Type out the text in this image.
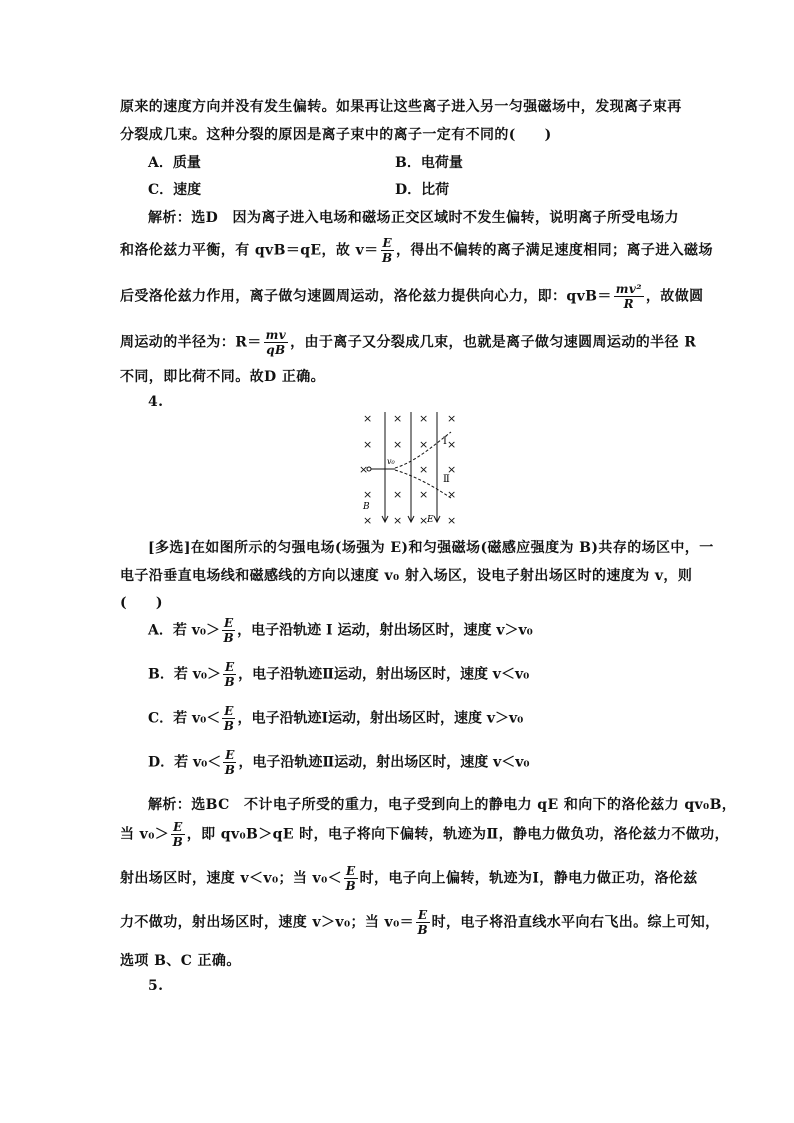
原来的速度方向并没有发生偏转。如果再让这些离子进入另一匀强磁场中，发现离子束再
分裂成几束。这种分裂的原因是离子束中的离子一定有不同的(　　)
A．质量	B．电荷量
C．速度	D．比荷
解析：选D　因为离子进入电场和磁场正交区域时不发生偏转，说明离子所受电场力
和洛伦兹力平衡，有 qvB＝qE，故 $v= \frac{E}{B}$ ，得出不偏转的离子满足速度相同；离子进入磁场
后受洛伦兹力作用，离子做匀速圆周运动，洛伦兹力提供向心力，即：$qvB= \frac{\text{mv²}}{R}$ ，故做圆
周运动的半径为：$R= \frac{mv}{qB}$ ，由于离子又分裂成几束，也就是离子做匀速圆周运动的半径 R
不同，即比荷不同。故D 正确。
4.
× × × ×
× × × ×
×	× ×
× × × ×
× × × ×
Ⅰ
Ⅱ
B
E
v₀
[多选]在如图所示的匀强电场(场强为 E)和匀强磁场(磁感应强度为 B)共存的场区中，一
电子沿垂直电场线和磁感线的方向以速度 v₀ 射入场区，设电子射出场区时的速度为 v，则
(　　)
A．若 $v_0> \frac{E}{B}$ ，电子沿轨迹 Ⅰ 运动，射出场区时，速度 v＞v₀
B．若 $v_0> \frac{E}{B}$ ，电子沿轨迹Ⅱ运动，射出场区时，速度 v＜v₀
C．若 $v_0< \frac{E}{B}$ ，电子沿轨迹Ⅰ运动，射出场区时，速度 v＞v₀
D．若 $v_0< \frac{E}{B}$ ，电子沿轨迹Ⅱ运动，射出场区时，速度 v＜v₀
解析：选BC　不计电子所受的重力，电子受到向上的静电力 qE 和向下的洛伦兹力 qv₀B，
当 $v_0> \frac{E}{B}$ ，即 qv₀B＞qE 时，电子将向下偏转，轨迹为Ⅱ，静电力做负功，洛伦兹力不做功，
射出场区时，速度 v＜v₀；当 $v_0< \frac{E}{B}$ 时，电子向上偏转，轨迹为Ⅰ，静电力做正功，洛伦兹
力不做功，射出场区时，速度 v＞v₀；当 $v_0= \frac{E}{B}$ 时，电子将沿直线水平向右飞出。综上可知，
选项 B、C 正确。
5.
